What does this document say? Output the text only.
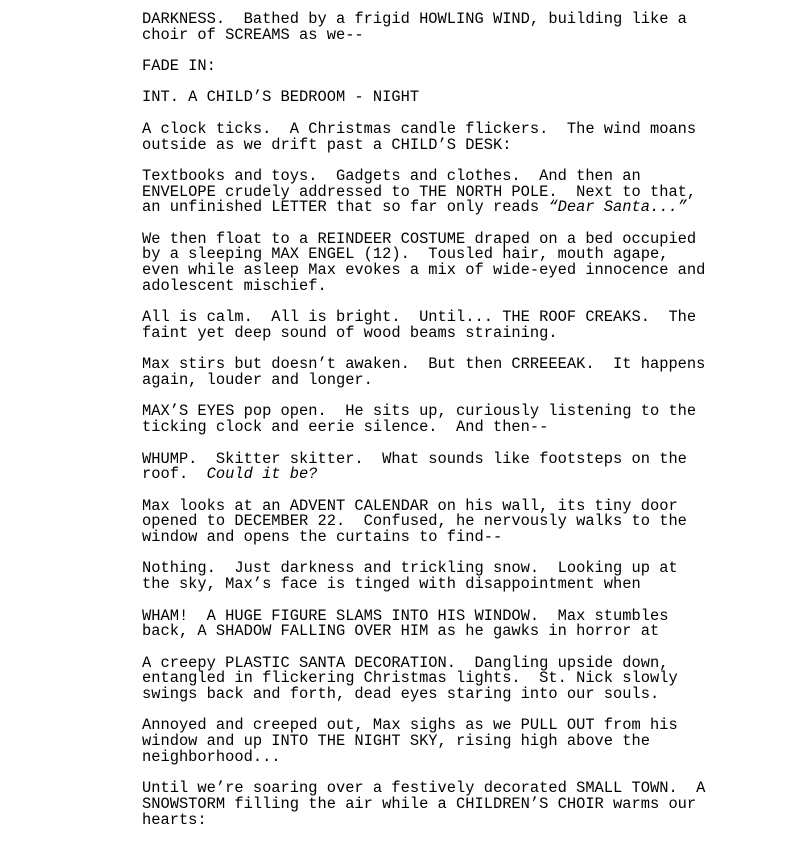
DARKNESS.  Bathed by a frigid HOWLING WIND, building like a
choir of SCREAMS as we--
FADE IN:
INT. A CHILD’S BEDROOM - NIGHT
A clock ticks.  A Christmas candle flickers.  The wind moans
outside as we drift past a CHILD’S DESK:
Textbooks and toys.  Gadgets and clothes.  And then an
ENVELOPE crudely addressed to THE NORTH POLE.  Next to that,
an unfinished LETTER that so far only reads “Dear Santa...”
We then float to a REINDEER COSTUME draped on a bed occupied
by a sleeping MAX ENGEL (12).  Tousled hair, mouth agape,
even while asleep Max evokes a mix of wide-eyed innocence and
adolescent mischief.
All is calm.  All is bright.  Until... THE ROOF CREAKS.  The
faint yet deep sound of wood beams straining.
Max stirs but doesn’t awaken.  But then CRREEEAK.  It happens
again, louder and longer.
MAX’S EYES pop open.  He sits up, curiously listening to the
ticking clock and eerie silence.  And then--
WHUMP.  Skitter skitter.  What sounds like footsteps on the
roof.  Could it be?
Max looks at an ADVENT CALENDAR on his wall, its tiny door
opened to DECEMBER 22.  Confused, he nervously walks to the
window and opens the curtains to find--
Nothing.  Just darkness and trickling snow.  Looking up at
the sky, Max’s face is tinged with disappointment when
WHAM!  A HUGE FIGURE SLAMS INTO HIS WINDOW.  Max stumbles
back, A SHADOW FALLING OVER HIM as he gawks in horror at
A creepy PLASTIC SANTA DECORATION.  Dangling upside down,
entangled in flickering Christmas lights.  St. Nick slowly
swings back and forth, dead eyes staring into our souls.
Annoyed and creeped out, Max sighs as we PULL OUT from his
window and up INTO THE NIGHT SKY, rising high above the
neighborhood...
Until we’re soaring over a festively decorated SMALL TOWN.  A
SNOWSTORM filling the air while a CHILDREN’S CHOIR warms our
hearts:
